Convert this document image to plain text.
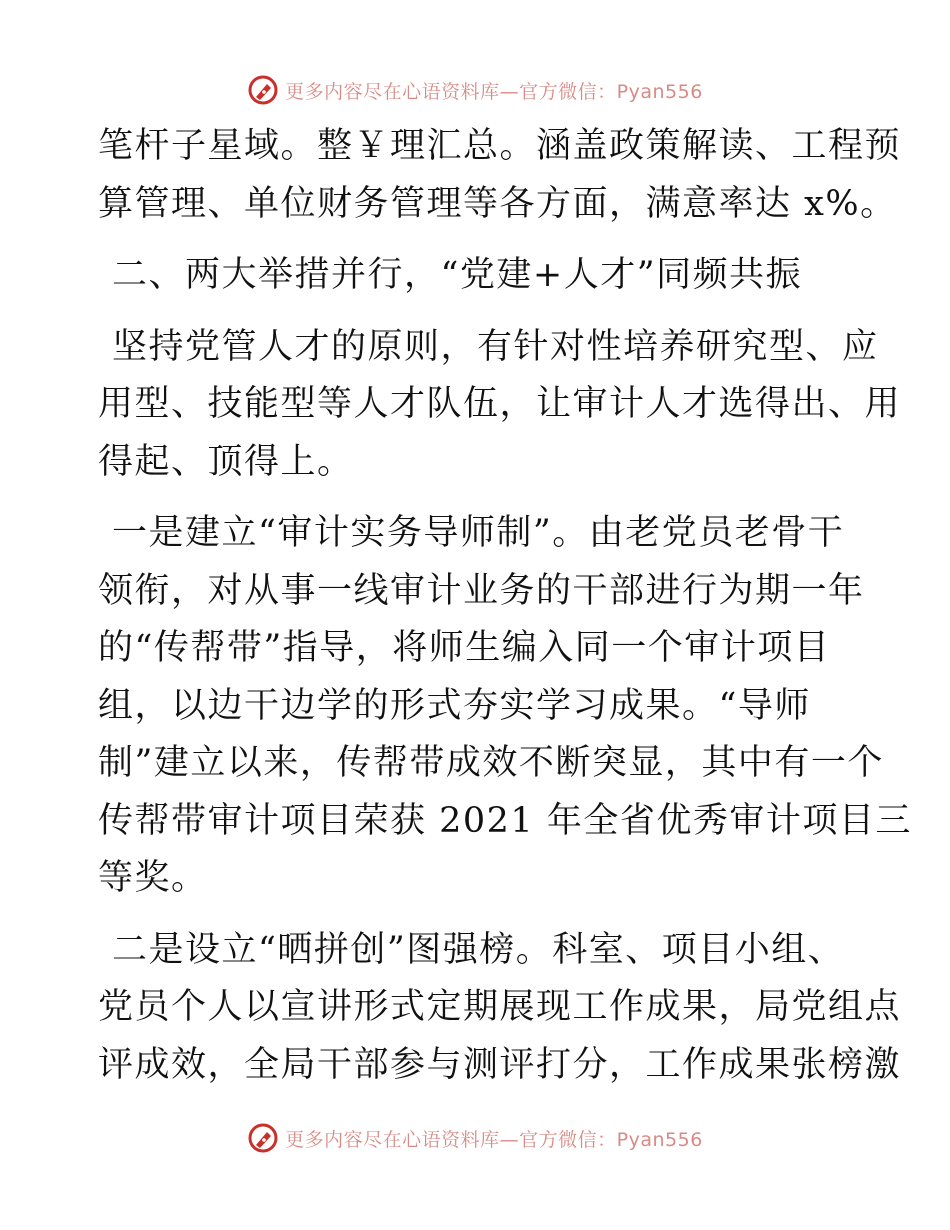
更多内容尽在心语资料库—官方微信：Pyan556
笔杆子星域。整￥理汇总。涵盖政策解读、工程预
算管理、单位财务管理等各方面，满意率达 x%。
二、两大举措并行，“党建+人才”同频共振
坚持党管人才的原则，有针对性培养研究型、应
用型、技能型等人才队伍，让审计人才选得出、用
得起、顶得上。
一是建立“审计实务导师制”。由老党员老骨干
领衔，对从事一线审计业务的干部进行为期一年
的“传帮带”指导，将师生编入同一个审计项目
组，以边干边学的形式夯实学习成果。“导师
制”建立以来，传帮带成效不断突显，其中有一个
传帮带审计项目荣获 2021 年全省优秀审计项目三
等奖。
二是设立“晒拼创”图强榜。科室、项目小组、
党员个人以宣讲形式定期展现工作成果，局党组点
评成效，全局干部参与测评打分，工作成果张榜激
更多内容尽在心语资料库—官方微信：Pyan556
